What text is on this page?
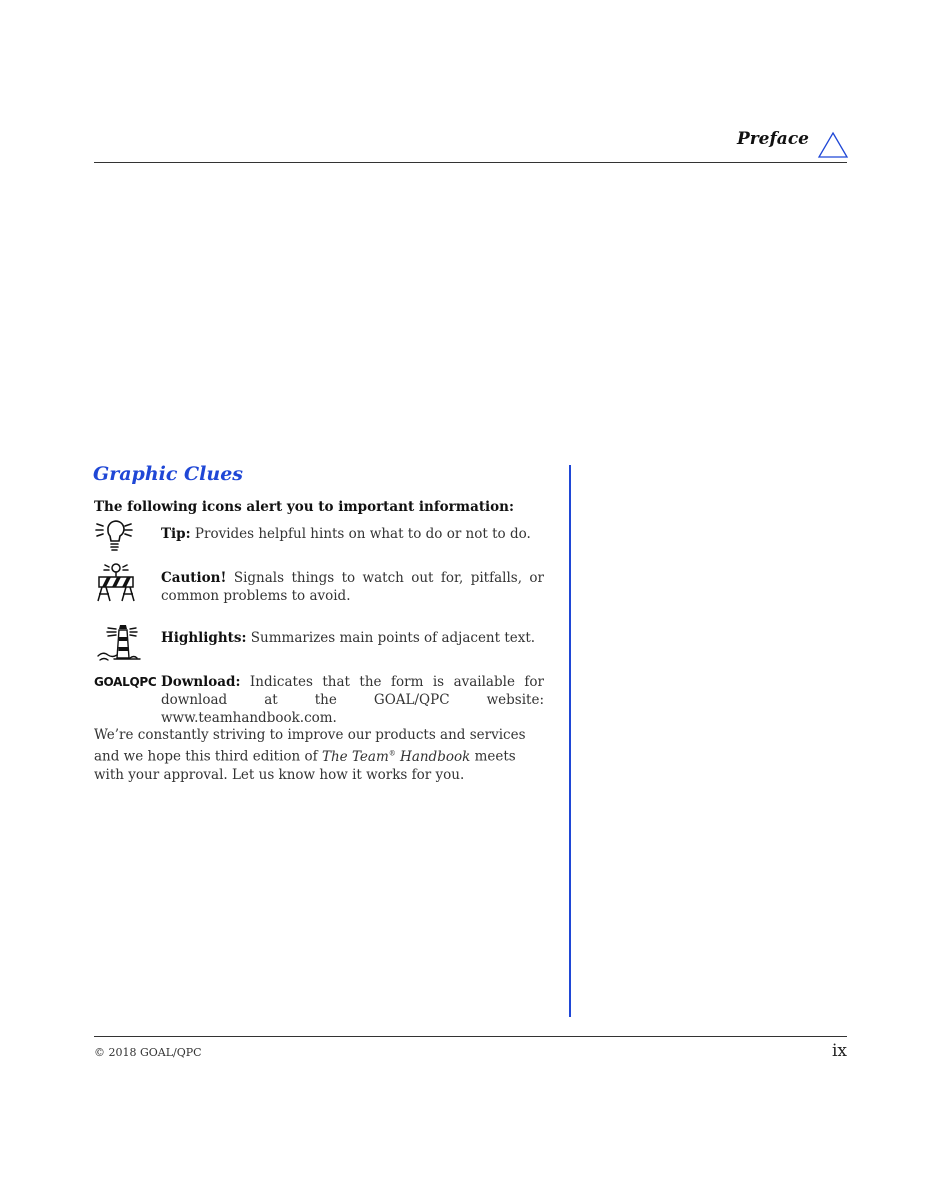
Preface
Graphic Clues
The following icons alert you to important information:
Tip: Provides helpful hints on what to do or not to do.
Caution! Signals things to watch out for, pitfalls, or common problems to avoid.
Highlights: Summarizes main points of adjacent text.
GOALQPC Download: Indicates that the form is available for download at the GOAL/QPC website: www.teamhandbook.com.
We’re constantly striving to improve our products and services and we hope this third edition of The Team® Handbook meets with your approval. Let us know how it works for you.
© 2018 GOAL/QPC	ix
